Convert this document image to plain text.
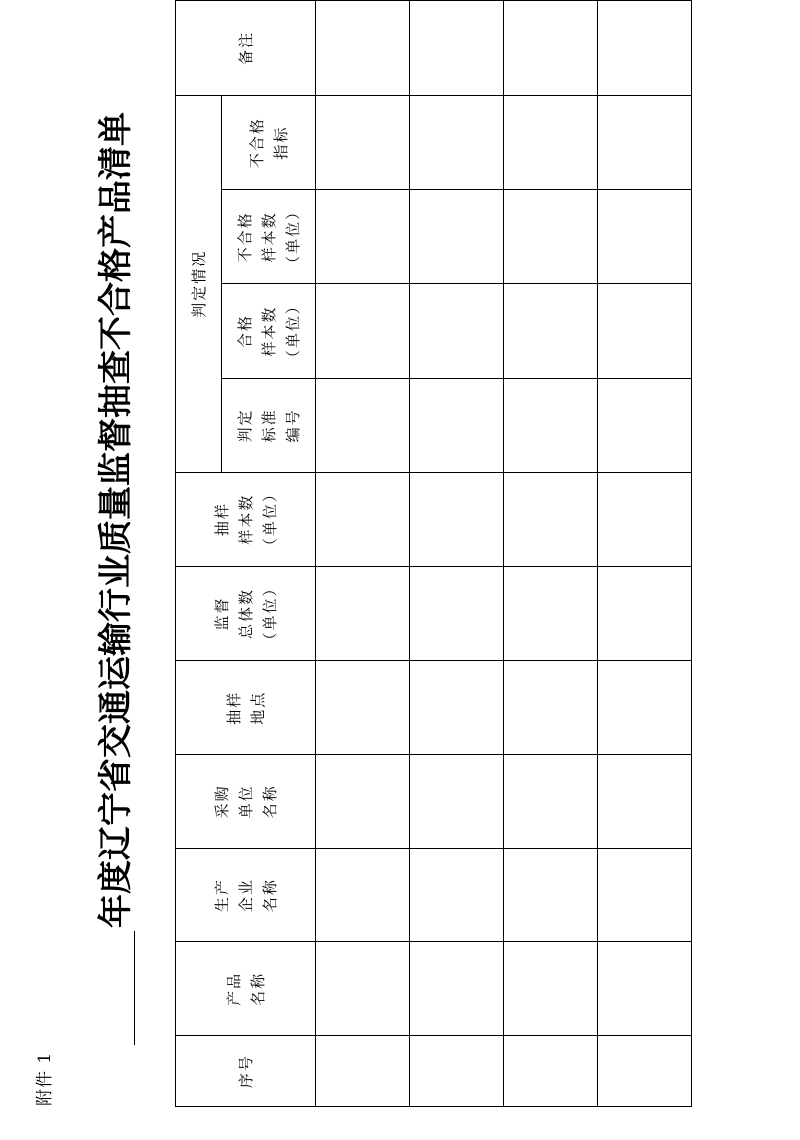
附件 1
年度辽宁省交通运输行业质量监督抽查不合格产品清单
序号	产品 名称	生产 企业 名称	采购 单位 名称	抽样 地点	监督 总体数 （单位）	抽样 样本数 （单位）	判定情况				备注

							判定 标准 编号	合格 样本数 （单位）	不合格 样本数 （单位）	不合格 指标	
